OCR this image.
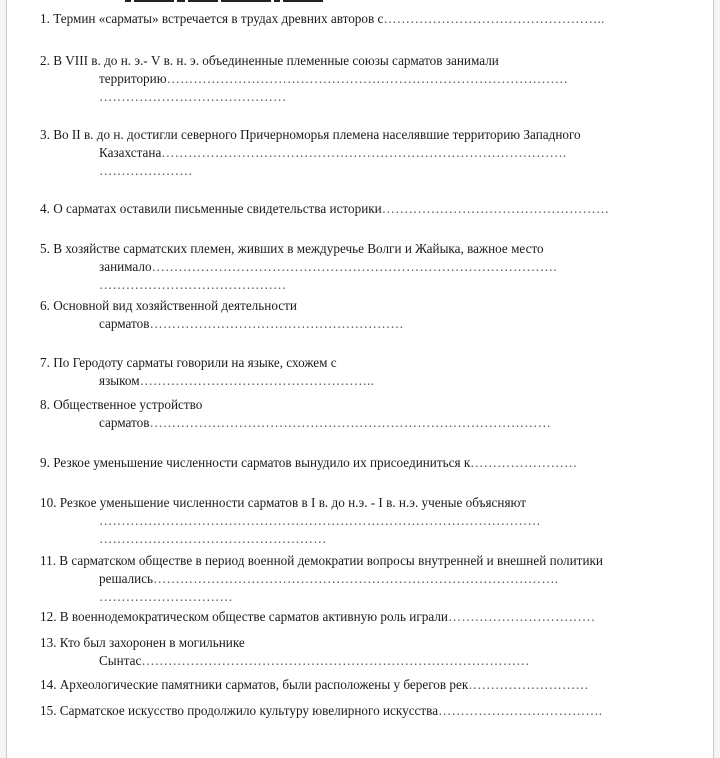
1. Термин «сарматы» встречается в трудах древних авторов с…………………………………………..
2. В VIII в. до н. э.- V в. н. э. объединенные племенные союзы сарматов занимали
территорию………………………………………………………………………………
……………………………………
3. Во II в. до н. достигли северного Причерноморья племена населявшие территорию Западного
Казахстана……………………………………………………………………………….
…………………
4. О сарматах оставили письменные свидетельства историки……………………………………………
5. В хозяйстве сарматских племен, живших в междуречье Волги и Жайыка, важное место
занимало……………………………………………………………………………….
……………………………………
6. Основной вид хозяйственной деятельности
сарматов…………………………………………………
7. По Геродоту сарматы говорили на языке, схожем с
языком……………………………………………..
8. Общественное устройство
сарматов………………………………………………………………………………
9. Резкое уменьшение численности сарматов вынудило их присоединиться к……………………
10. Резкое уменьшение численности сарматов в I в. до н.э. - I в. н.э. ученые объясняют
………………………………………………………………………………………
……………………………………………
11. В сарматском обществе в период военной демократии вопросы внутренней и внешней политики
решались……………………………………………………………………………….
…………………………
12. В военнодемократическом обществе сарматов активную роль играли……………………………
13. Кто был захоронен в могильнике
Сынтас……………………………………………………………………………
14. Археологические памятники сарматов, были расположены у берегов рек………………………
15. Сарматское искусство продолжило культуру ювелирного искусства……………………………….
